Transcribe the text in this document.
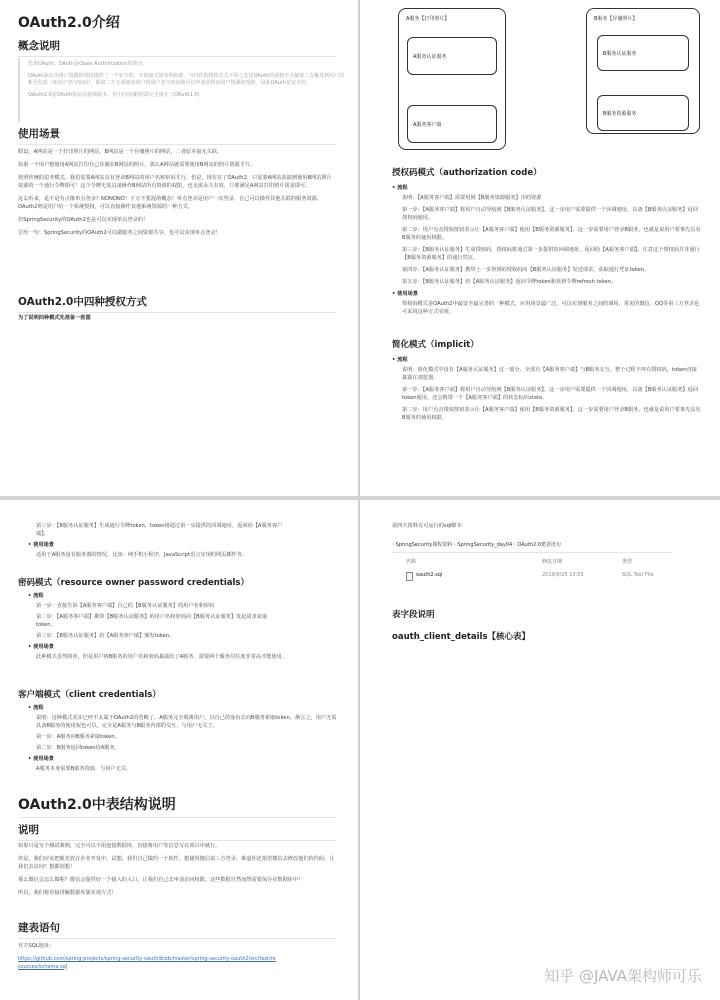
OAuth2.0介绍
概念说明
先说OAuth，OAuth是Open Authorization的简写。
OAuth协议为用户资源的授权提供了一个安全的、开放而又简易的标准。与以往的授权方式不同之处是OAuth的授权不会使第三方触及到用户的帐号信息（如用户名与密码），即第三方无需使用用户的用户名与密码就可以申请获得该用户资源的授权，因此OAuth是安全的。
OAuth2.0是OAuth协议的延续版本，但不向前兼容(即完全废止了OAuth1.0)。
使用场景
假设，A网站是一个打印照片的网站，B网站是一个存储照片的网站，二者原本毫无关联。
如果一个用户想使用A网站打印自己存储在B网站的照片，那么A网站就需要使用B网站的照片资源才行。
按照传统的思考模式，我们需要A网站具有登录B网站的用户名和密码才行，但是，现在有了OAuth2，只需要A网站获取到使用B网站照片资源的一个通行令牌即可！这个令牌无需具备操作B网站所有资源的权限，也无需永久有效，只要满足A网站打印照片需求即可。
这么听来，是不是有点像单点登录？NONONO！千万不要混淆概念！单点登录是用户一次登录，自己可以操作其他关联的服务资源。OAuth2则是用户给一个系统授权，可以直接操作其他系统资源的一种方式。
但SpringSecurity的OAuth2也是可以实现单点登录的！
总结一句：SpringSecurity的OAuth2可以做服务之间资源共享，也可以实现单点登录！
OAuth2.0中四种授权方式
为了说明四种模式先准备一张图
A服务【打印照片】
A服务认证服务
A服务客户端
B服务【存储照片】
B服务认证服务
B服务资源服务
授权码模式（authorization code）
• 流程
说明：【A服务客户端】需要用到【B服务资源服务】中的资源
第一步：【A服务客户端】将用户自动导航到【B服务认证服务】，这一步用户需要提供一个回调地址，以备【B服务认证服务】返回授权码使用。
第二步：用户点击授权按钮表示让【A服务客户端】使用【B服务资源服务】，这一步需要用户登录B服务，也就是说用户要事先具有B服务的使用权限。
第三步：【B服务认证服务】生成授权码，授权码将通过第一步提供的回调地址，返回给【A服务客户端】。注意这个授权码并非通行【B服务资源服务】的通行凭证。
第四步：【A服务认证服务】携带上一步得到的授权码向【B服务认证服务】发送请求，获取通行凭证token。
第五步：【B服务认证服务】给【A服务认证服务】返回令牌token和更新令牌refresh token。
• 使用场景
授权码模式是OAuth2中最安全最完善的一种模式，应用场景最广泛，可以实现服务之间的调用，常见的微信、QQ等第三方登录也可采用这种方式实现。
简化模式（implicit）
• 流程
说明：简化模式中没有【A服务认证服务】这一部分，全部有【A服务客户端】与B服务交互，整个过程不再有授权码，token直接暴露在浏览器。
第一步：【A服务客户端】将用户自动导航到【B服务认证服务】，这一步用户需要提供一个回调地址，以备【B服务认证服务】返回token使用，还会携带一个【A服务客户端】的状态标识state。
第二步：用户点击授权按钮表示让【A服务客户端】使用【B服务资源服务】，这一步需要用户登录B服务，也就是说用户要事先具有B服务的使用权限。
第三步：【B服务认证服务】生成通行令牌token，token将通过第一步提供的回调地址，返回给【A服务客户
端】。
• 使用场景
适用于A服务没有服务器的情况。比如：纯手机小程序，JavaScript语言实现的网页插件等。
密码模式（resource owner password credentials）
• 流程
第一步：直接告诉【A服务客户端】自己的【B服务认证服务】的用户名和密码
第二步：【A服务客户端】携带【B服务认证服务】的用户名和密码向【B服务认证服务】发起请求获取
token。
第三步：【B服务认证服务】给【A服务客户端】颁发token。
• 使用场景
此种模式虽然简单，但是用户将B服务的用户名和密码暴露给了A服务，需要两个服务信任度非常高才能使用。
客户端模式（client credentials）
• 流程
说明：这种模式其实已经不太属于OAuth2的范畴了。A服务完全脱离用户，以自己的身份去向B服务索取token。换言之，用户无需具备B服务的使用权也可以。完全是A服务与B服务内部的交互，与用户无关了。
第一步：A服务向B服务索取token。
第二步：B服务返回token给A服务。
• 使用场景
A服务本身需要B服务资源，与用户无关。
OAuth2.0中表结构说明
说明
如果只是写个测试案例，完全可以不用连接数据库，直接将用户等信息写在项目中就行。
但是，我们应该把眼光放在企业开发中。试想，我们自己做的一个软件，想使用微信第三方登录。难道你还指望微信去修改他们的代码，让我们去访问？想都别想！
那么微信会怎么做呢？微信会提供好一个接入的入口，让我们自己去申请访问权限。这些数据自然而然需要保存在数据库中！
所以，我们将直接讲解数据库版实现方式！
建表语句
官方SQL地址：
https://github.com/spring-projects/spring-security-oauth/blob/master/spring-security-oauth2/src/test/resources/schema.sql
第四天资料有可运行的sql脚本：
› SpringSecurity课程资料 › SpringSecurity_day04 › OAuth2.0建表语句
名称	修改日期	类型
oauth2.sql	2019/9/25 13:55	SQL Text File
表字段说明
oauth_client_details【核心表】
知乎 @JAVA架构师可乐
